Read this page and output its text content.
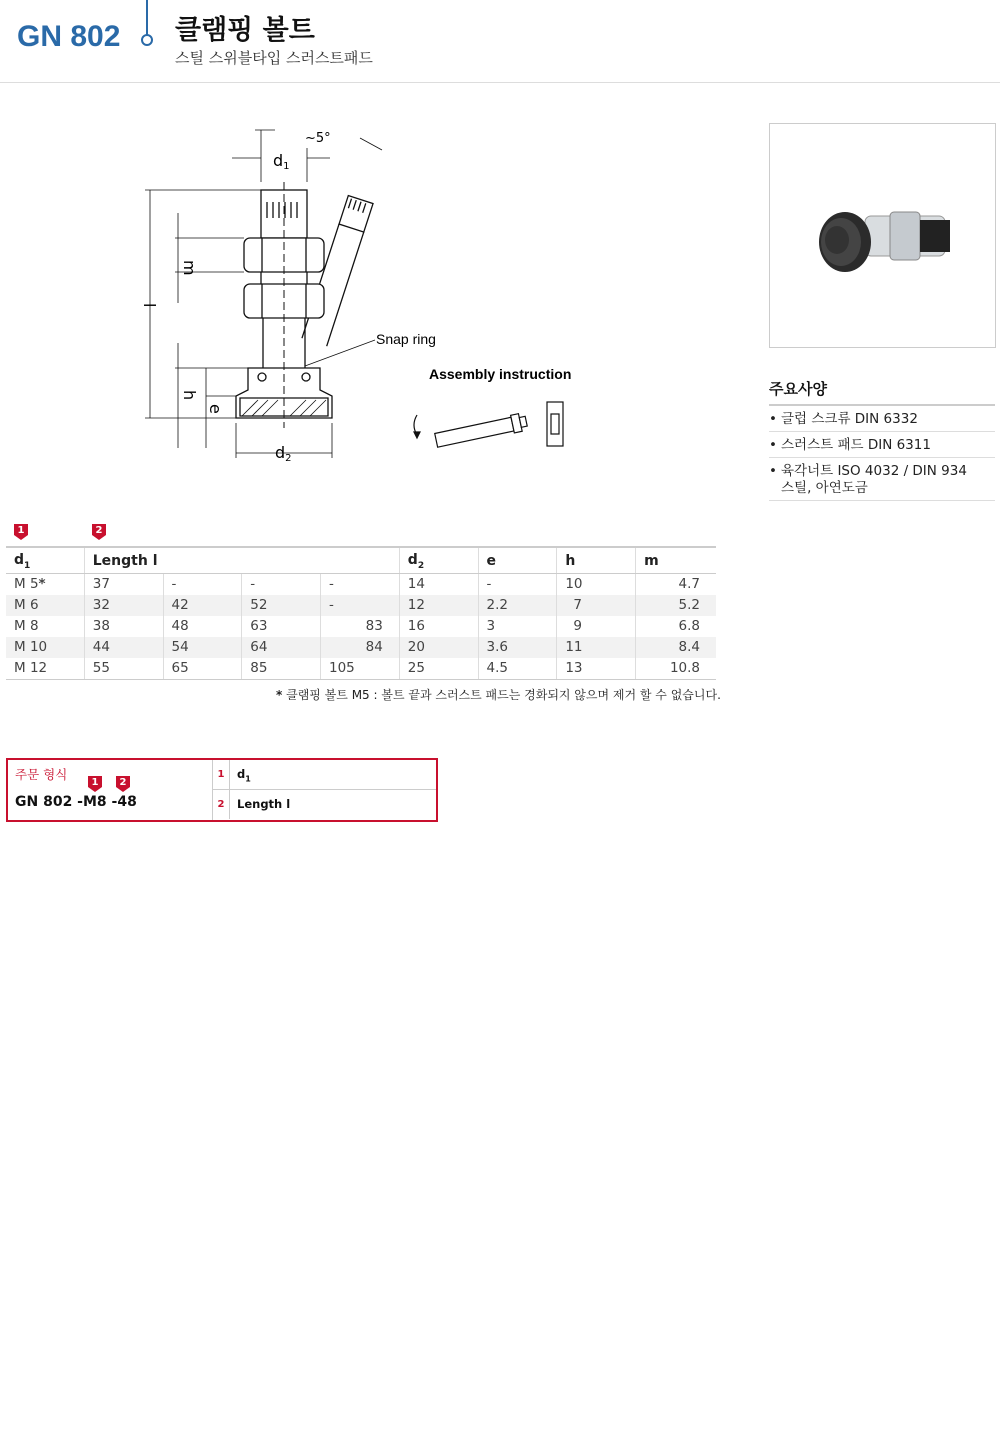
GN 802 클램핑 볼트
스틸 스위블타입 스러스트패드
d1
~5°
m
l
h
e
d2
Snap ring
Assembly instruction
주요사양
• 글럽 스크류 DIN 6332
• 스러스트 패드 DIN 6311
• 육각너트 ISO 4032 / DIN 934
스틸, 아연도금
1	2
$d_1$	Length l				$d_2$	e	h	m
M 5*	37	-	-	-	14	-	10	4.7
M 6	32	42	52	-	12	2.2	7	5.2
M 8	38	48	63	83	16	3	9	6.8
M 10	44	54	64	84	20	3.6	11	8.4
M 12	55	65	85	105	25	4.5	13	10.8
* 클램핑 볼트 M5 : 볼트 끝과 스러스트 패드는 경화되지 않으며 제거 할 수 없습니다.
주문 형식
1	2
GN 802 -M8 -48
1	$d_1$
2	Length l
